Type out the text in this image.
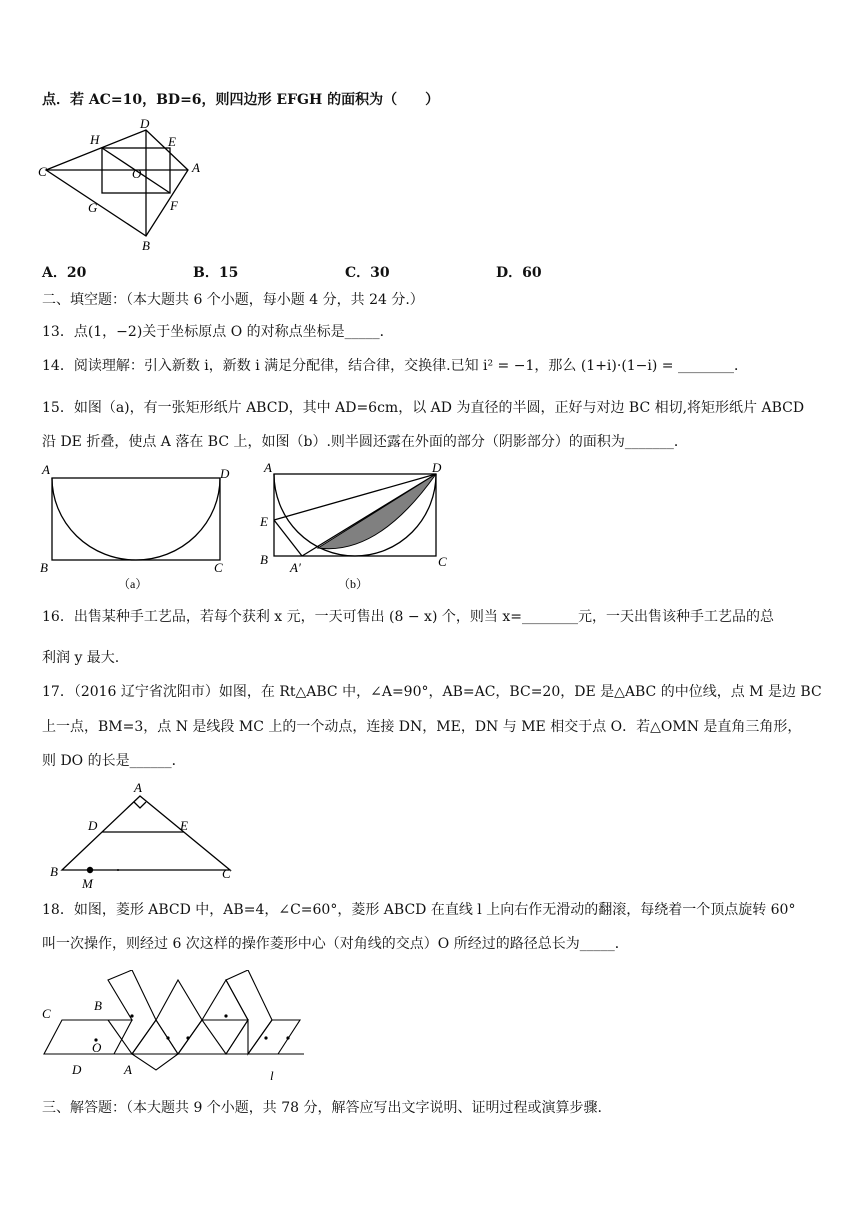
点．若 AC=10，BD=6，则四边形 EFGH 的面积为（　　）
H
D
E
C	O	A
G	F
B
A．20	B．15	C．30	D．60
二、填空题：（本大题共 6 个小题，每小题 4 分，共 24 分.）
13．点(1，−2)关于坐标原点 O 的对称点坐标是_____．
14．阅读理解：引入新数 i，新数 i 满足分配律，结合律，交换律.已知 i² = −1，那么 (1+i)·(1−i) = ________．
15．如图（a)，有一张矩形纸片 ABCD，其中 AD=6cm，以 AD 为直径的半圆，正好与对边 BC 相切,将矩形纸片 ABCD
沿 DE 折叠，使点 A 落在 BC 上，如图（b）.则半圆还露在外面的部分（阴影部分）的面积为_______．
A	D
B	C
（a）
A	D
E
B
A′	C
（b）
16．出售某种手工艺品，若每个获利 x 元，一天可售出 (8 − x) 个，则当 x=________元，一天出售该种手工艺品的总
利润 y 最大.
17．（2016 辽宁省沈阳市）如图，在 Rt△ABC 中，∠A=90°，AB=AC，BC=20，DE 是△ABC 的中位线，点 M 是边 BC
上一点，BM=3，点 N 是线段 MC 上的一个动点，连接 DN，ME，DN 与 ME 相交于点 O．若△OMN 是直角三角形，
则 DO 的长是______．
A
D	E
B	C
M
18．如图，菱形 ABCD 中，AB=4，∠C=60°，菱形 ABCD 在直线 l 上向右作无滑动的翻滚，每绕着一个顶点旋转 60°
叫一次操作，则经过 6 次这样的操作菱形中心（对角线的交点）O 所经过的路径总长为_____．
C
B
O
D	A	l
三、解答题：（本大题共 9 个小题，共 78 分，解答应写出文字说明、证明过程或演算步骤.
